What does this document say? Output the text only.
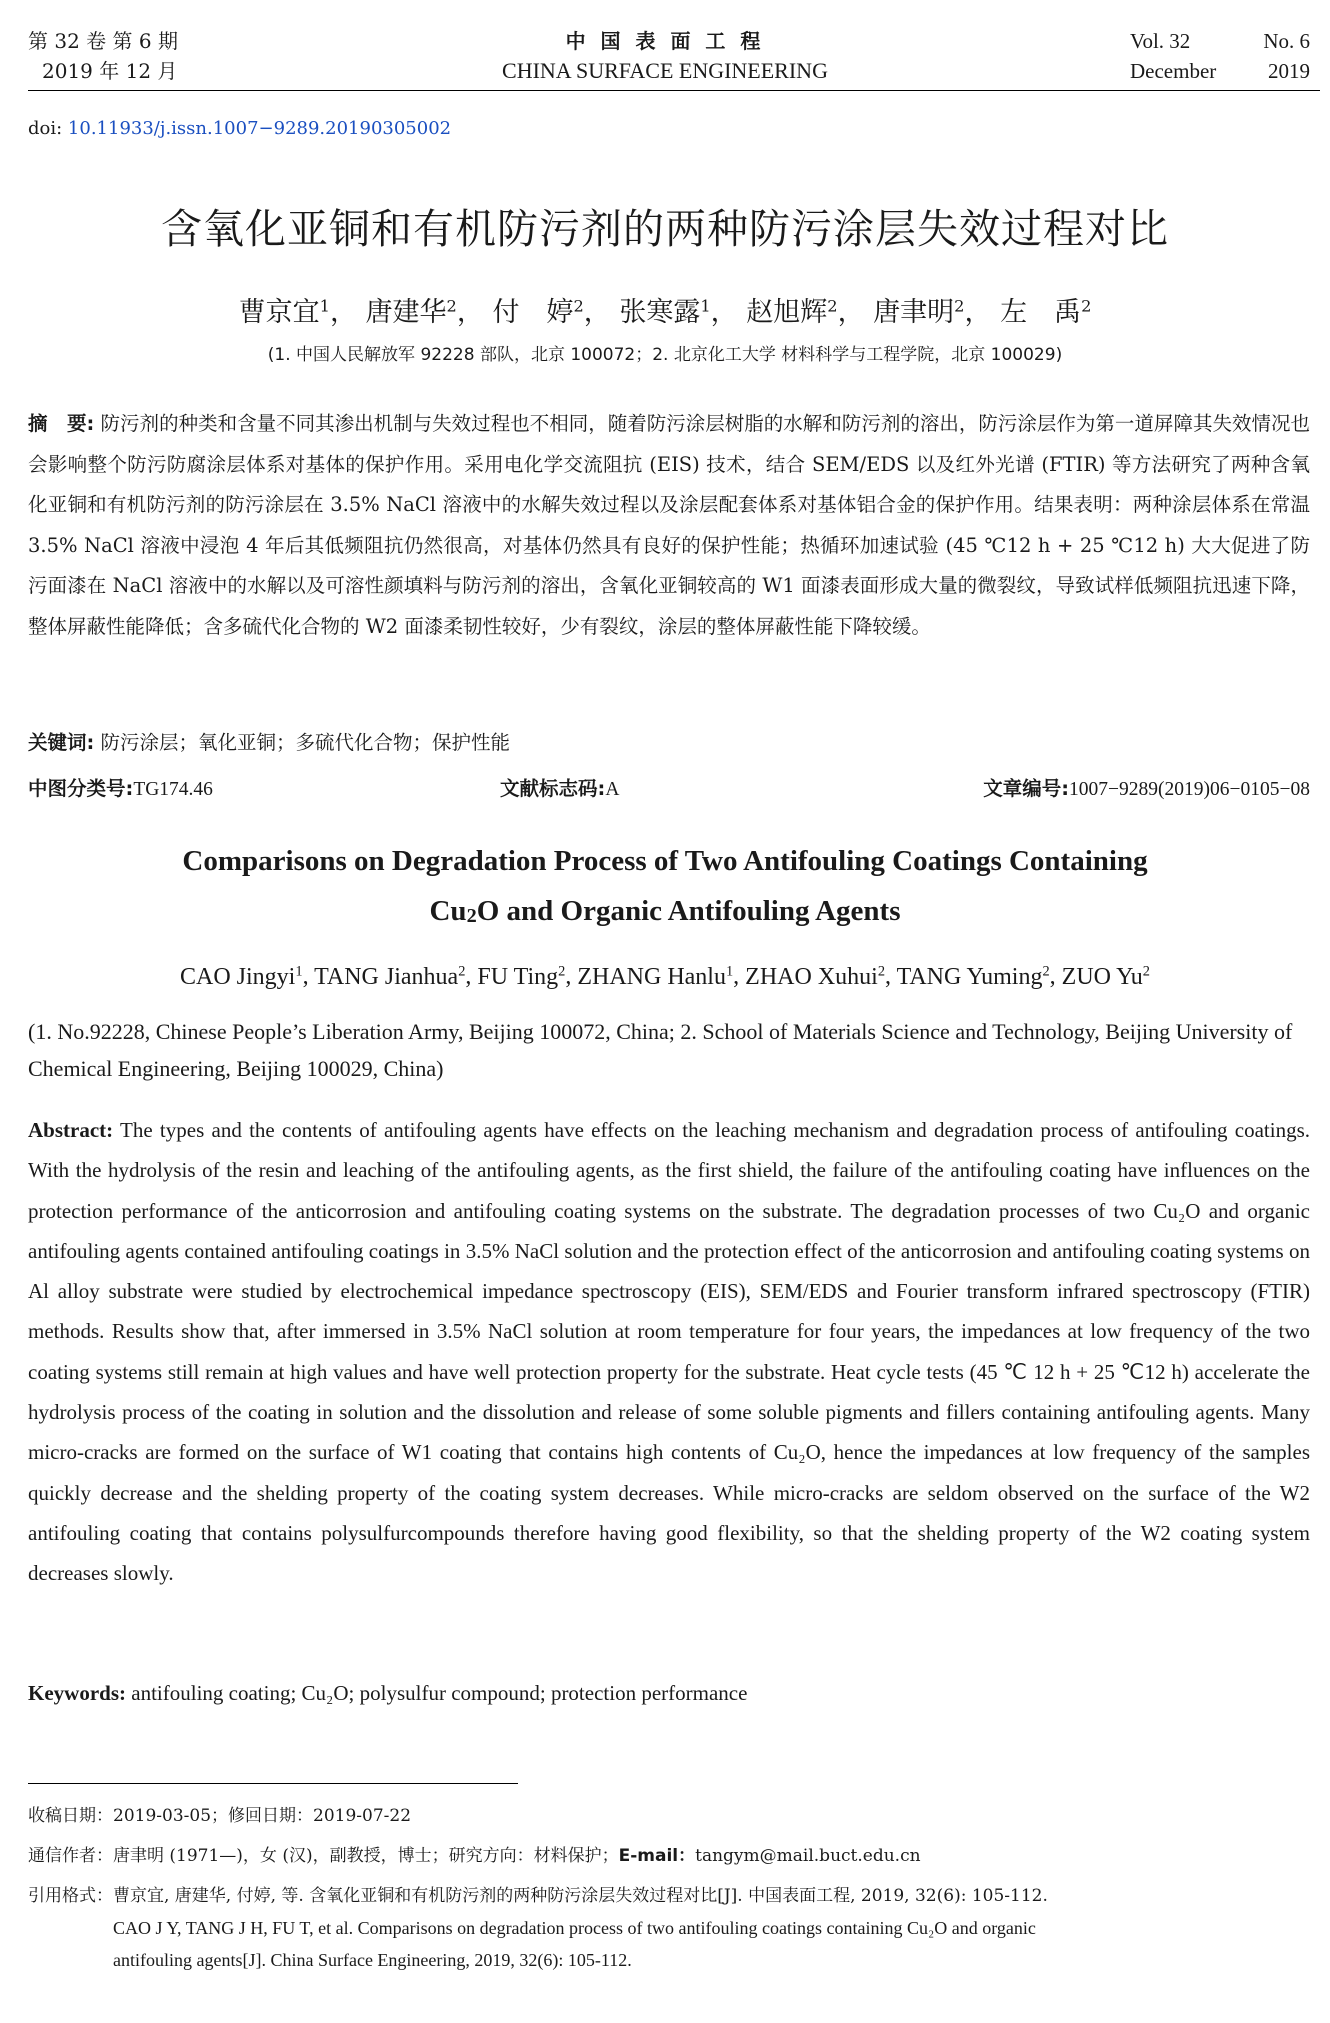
第 32 卷 第 6 期
2019 年 12 月
中 国 表 面 工 程
CHINA SURFACE ENGINEERING
Vol. 32	No. 6
December 2019
doi: 10.11933/j.issn.1007−9289.20190305002
含氧化亚铜和有机防污剂的两种防污涂层失效过程对比
曹京宜$^1$， 唐建华$^2$， 付　婷$^2$， 张寒露$^1$， 赵旭辉$^2$， 唐聿明$^2$， 左　禹$^2$
(1. 中国人民解放军 92228 部队，北京 100072；2. 北京化工大学 材料科学与工程学院，北京 100029)
摘　要: 防污剂的种类和含量不同其渗出机制与失效过程也不相同，随着防污涂层树脂的水解和防污剂的溶出，防污涂层作为第一道屏障其失效情况也会影响整个防污防腐涂层体系对基体的保护作用。采用电化学交流阻抗 (EIS) 技术，结合 SEM/EDS 以及红外光谱 (FTIR) 等方法研究了两种含氧化亚铜和有机防污剂的防污涂层在 3.5% NaCl 溶液中的水解失效过程以及涂层配套体系对基体铝合金的保护作用。结果表明：两种涂层体系在常温 3.5% NaCl 溶液中浸泡 4 年后其低频阻抗仍然很高，对基体仍然具有良好的保护性能；热循环加速试验 (45 ℃12 h + 25 ℃12 h) 大大促进了防污面漆在 NaCl 溶液中的水解以及可溶性颜填料与防污剂的溶出，含氧化亚铜较高的 W1 面漆表面形成大量的微裂纹，导致试样低频阻抗迅速下降，整体屏蔽性能降低；含多硫代化合物的 W2 面漆柔韧性较好，少有裂纹，涂层的整体屏蔽性能下降较缓。
关键词: 防污涂层；氧化亚铜；多硫代化合物；保护性能
中图分类号:TG174.46	文献标志码:A	文章编号:1007−9289(2019)06−0105−08
Comparisons on Degradation Process of Two Antifouling Coatings Containing
Cu2O and Organic Antifouling Agents
CAO Jingyi$^1$, TANG Jianhua$^2$, FU Ting$^2$, ZHANG Hanlu$^1$, ZHAO Xuhui$^2$, TANG Yuming$^2$, ZUO Yu$^2$
(1. No.92228, Chinese People’s Liberation Army, Beijing 100072, China; 2. School of Materials Science and Technology, Beijing University of Chemical Engineering, Beijing 100029, China)
Abstract: The types and the contents of antifouling agents have effects on the leaching mechanism and degradation process of antifouling coatings. With the hydrolysis of the resin and leaching of the antifouling agents, as the first shield, the failure of the antifouling coating have influences on the protection performance of the anticorrosion and antifouling coating systems on the substrate. The degradation processes of two Cu₂O and organic antifouling agents contained antifouling coatings in 3.5% NaCl solution and the protection effect of the anticorrosion and antifouling coating systems on Al alloy substrate were studied by electrochemical impedance spectroscopy (EIS), SEM/EDS and Fourier transform infrared spectroscopy (FTIR) methods. Results show that, after immersed in 3.5% NaCl solution at room temperature for four years, the impedances at low frequency of the two coating systems still remain at high values and have well protection property for the substrate. Heat cycle tests (45 ℃ 12 h + 25 ℃12 h) accelerate the hydrolysis process of the coating in solution and the dissolution and release of some soluble pigments and fillers containing antifouling agents. Many micro-cracks are formed on the surface of W1 coating that contains high contents of Cu₂O, hence the impedances at low frequency of the samples quickly decrease and the shelding property of the coating system decreases. While micro-cracks are seldom observed on the surface of the W2 antifouling coating that contains polysulfurcompounds therefore having good flexibility, so that the shelding property of the W2 coating system decreases slowly.
Keywords: antifouling coating; Cu₂O; polysulfur compound; protection performance
收稿日期：2019-03-05；修回日期：2019-07-22
通信作者：唐聿明 (1971—)，女 (汉)，副教授，博士；研究方向：材料保护；E-mail：tangym@mail.buct.edu.cn
引用格式：曹京宜, 唐建华, 付婷, 等. 含氧化亚铜和有机防污剂的两种防污涂层失效过程对比[J]. 中国表面工程, 2019, 32(6): 105-112.
CAO J Y, TANG J H, FU T, et al. Comparisons on degradation process of two antifouling coatings containing Cu₂O and organic
antifouling agents[J]. China Surface Engineering, 2019, 32(6): 105-112.
